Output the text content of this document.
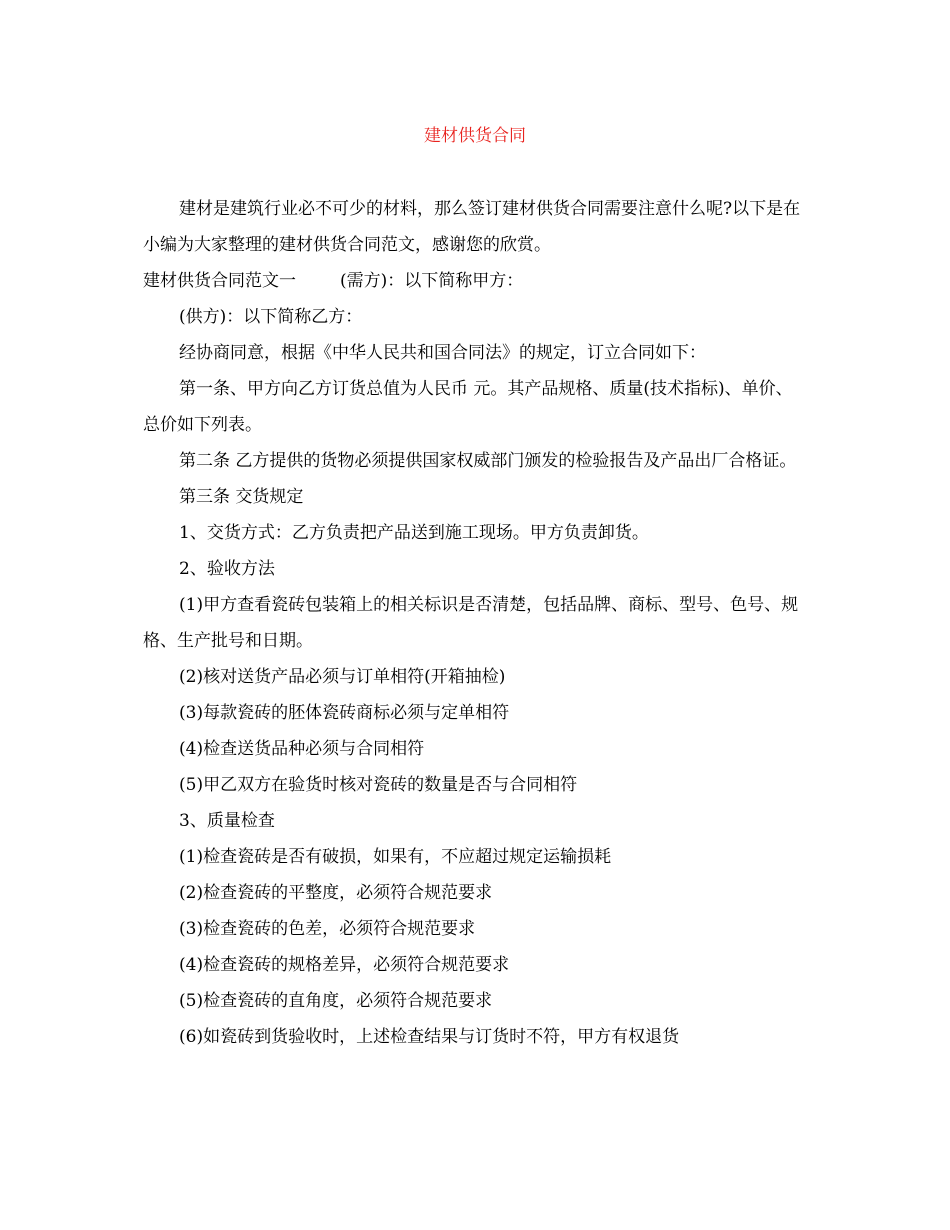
建材供货合同

建材是建筑行业必不可少的材料，那么签订建材供货合同需要注意什么呢?以下是在小编为大家整理的建材供货合同范文，感谢您的欣赏。

建材供货合同范文一	(需方)：以下简称甲方：

(供方)：以下简称乙方：

经协商同意，根据《中华人民共和国合同法》的规定，订立合同如下：

第一条、甲方向乙方订货总值为人民币 元。其产品规格、质量(技术指标)、单价、总价如下列表。

第二条 乙方提供的货物必须提供国家权威部门颁发的检验报告及产品出厂合格证。

第三条 交货规定

1、交货方式：乙方负责把产品送到施工现场。甲方负责卸货。

2、验收方法

(1)甲方查看瓷砖包装箱上的相关标识是否清楚，包括品牌、商标、型号、色号、规格、生产批号和日期。

(2)核对送货产品必须与订单相符(开箱抽检)

(3)每款瓷砖的胚体瓷砖商标必须与定单相符

(4)检查送货品种必须与合同相符

(5)甲乙双方在验货时核对瓷砖的数量是否与合同相符

3、质量检查

(1)检查瓷砖是否有破损，如果有，不应超过规定运输损耗

(2)检查瓷砖的平整度，必须符合规范要求

(3)检查瓷砖的色差，必须符合规范要求

(4)检查瓷砖的规格差异，必须符合规范要求

(5)检查瓷砖的直角度，必须符合规范要求

(6)如瓷砖到货验收时，上述检查结果与订货时不符，甲方有权退货
